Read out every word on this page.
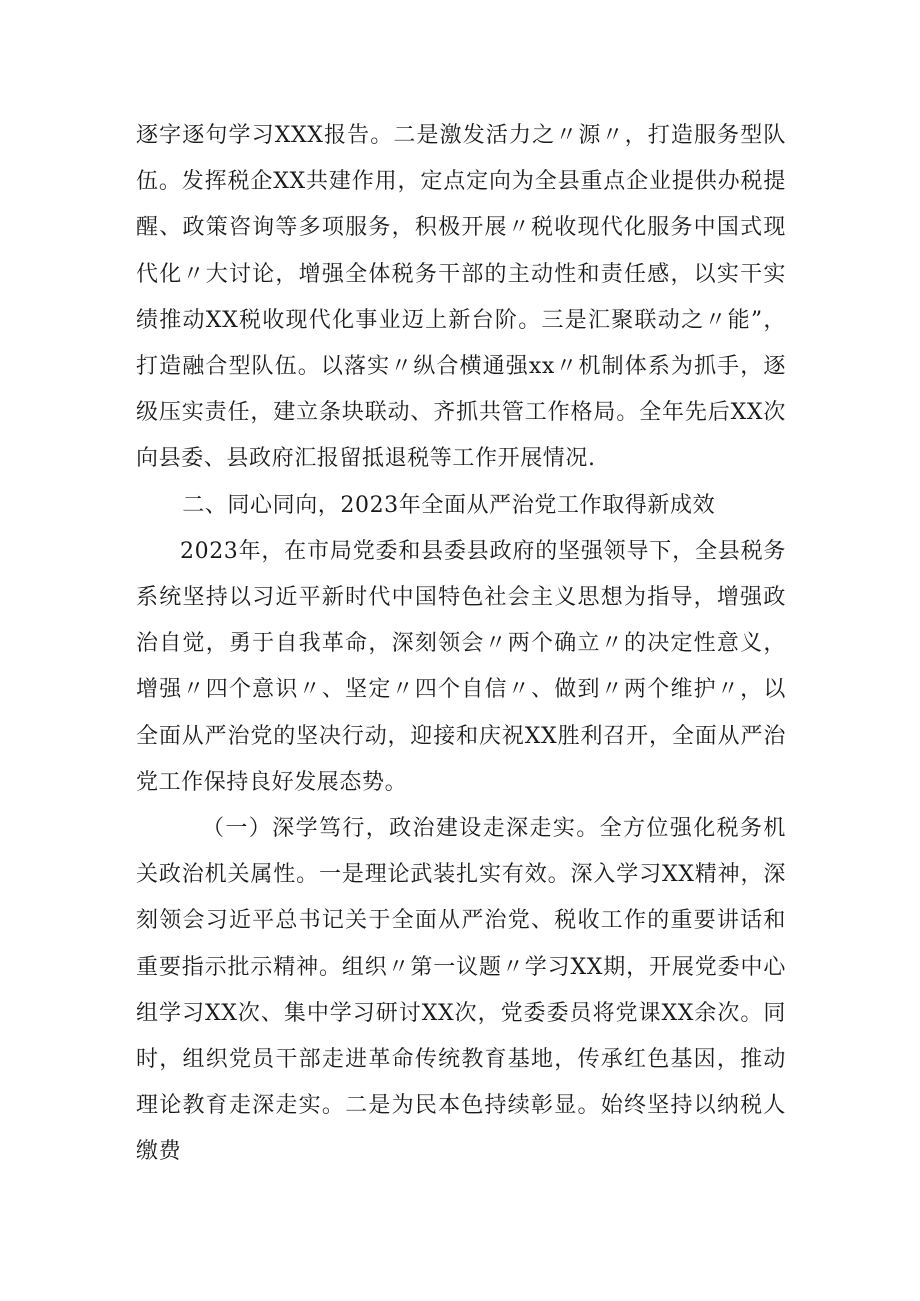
逐字逐句学习XXX报告。二是激发活力之〃源〃，打造服务型队伍。发挥税企XX共建作用，定点定向为全县重点企业提供办税提醒、政策咨询等多项服务，积极开展〃税收现代化服务中国式现代化〃大讨论，增强全体税务干部的主动性和责任感，以实干实绩推动XX税收现代化事业迈上新台阶。三是汇聚联动之〃能”，打造融合型队伍。以落实〃纵合横通强xx〃机制体系为抓手，逐级压实责任，建立条块联动、齐抓共管工作格局。全年先后XX次向县委、县政府汇报留抵退税等工作开展情况.

二、同心同向，2023年全面从严治党工作取得新成效

2023年，在市局党委和县委县政府的坚强领导下，全县税务系统坚持以习近平新时代中国特色社会主义思想为指导，增强政治自觉，勇于自我革命，深刻领会〃两个确立〃的决定性意义，增强〃四个意识〃、坚定〃四个自信〃、做到〃两个维护〃，以全面从严治党的坚决行动，迎接和庆祝XX胜利召开，全面从严治党工作保持良好发展态势。

（一）深学笃行，政治建设走深走实。全方位强化税务机关政治机关属性。一是理论武装扎实有效。深入学习XX精神，深刻领会习近平总书记关于全面从严治党、税收工作的重要讲话和重要指示批示精神。组织〃第一议题〃学习XX期，开展党委中心组学习XX次、集中学习研讨XX次，党委委员将党课XX余次。同时，组织党员干部走进革命传统教育基地，传承红色基因，推动理论教育走深走实。二是为民本色持续彰显。始终坚持以纳税人缴费
